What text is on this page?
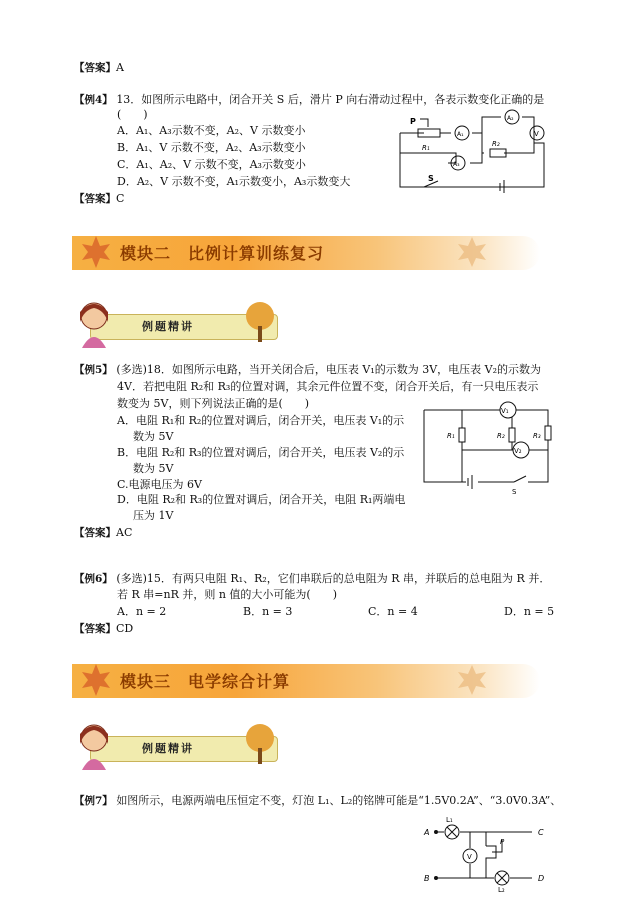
【答案】A
【例4】 13．如图所示电路中，闭合开关 S 后，滑片 P 向右滑动过程中，各表示数变化正确的是
(　　)
A．A₁、A₃示数不变，A₂、V 示数变小
B．A₁、V 示数不变，A₂、A₃示数变小
C．A₁、A₂、V 示数不变，A₃示数变小
D．A₂、V 示数不变，A₁示数变小，A₃示数变大
【答案】C
P
R₁	R₂
A₁
A₂
A₃
V
S
模块二　比例计算训练复习
例题精讲
【例5】 (多选)18．如图所示电路，当开关闭合后，电压表 V₁的示数为 3V，电压表 V₂的示数为
4V．若把电阻 R₂和 R₃的位置对调，其余元件位置不变，闭合开关后，有一只电压表示
数变为 5V，则下列说法正确的是(　　)
A．电阻 R₁和 R₂的位置对调后，闭合开关，电压表 V₁的示
数为 5V
B．电阻 R₂和 R₃的位置对调后，闭合开关，电压表 V₂的示
数为 5V
C.电源电压为 6V
D．电阻 R₂和 R₃的位置对调后，闭合开关，电阻 R₁两端电
压为 1V
【答案】AC
V₁
V₂
R₁	R₂	R₃
S
【例6】 (多选)15．有两只电阻 R₁、R₂，它们串联后的总电阻为 R 串，并联后的总电阻为 R 并．
若 R 串=nR 并，则 n 值的大小可能为(　　)
A．n = 2	B．n = 3	C．n = 4	D．n = 5
【答案】CD
模块三　电学综合计算
例题精讲
【例7】 如图所示，电源两端电压恒定不变，灯泡 L₁、L₂的铭牌可能是“1.5V0.2A”、“3.0V0.3A”、
A
B
C
D
L₁
L₂
V
P
